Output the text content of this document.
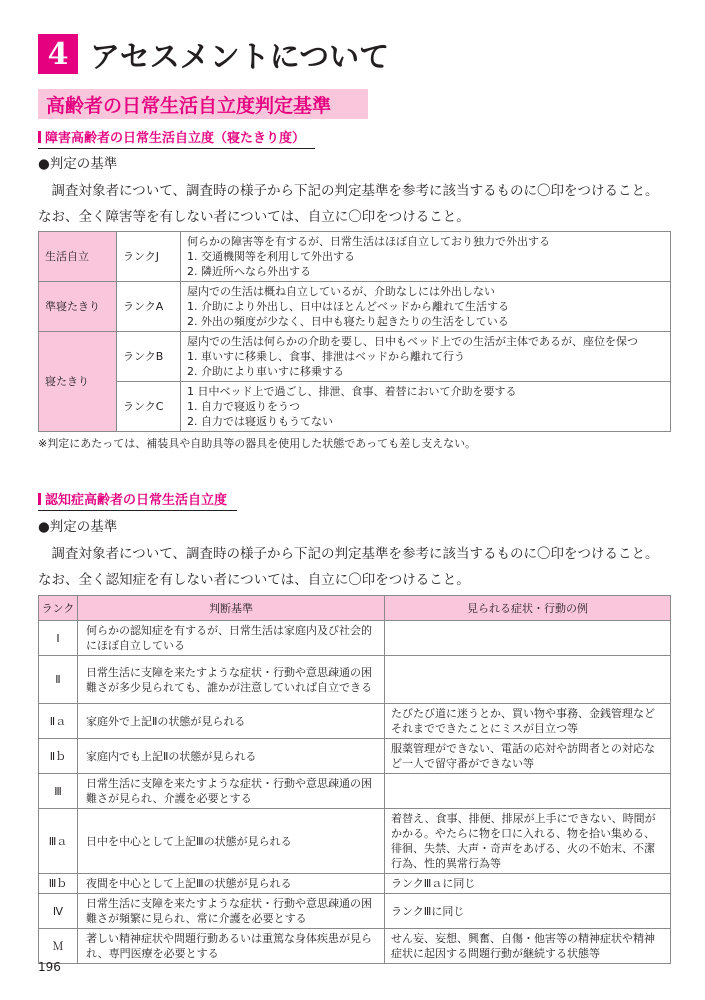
4 アセスメントについて
高齢者の日常生活自立度判定基準
障害高齢者の日常生活自立度（寝たきり度）
●判定の基準
　調査対象者について、調査時の様子から下記の判定基準を参考に該当するものに〇印をつけること。
なお、全く障害等を有しない者については、自立に〇印をつけること。
生活自立	ランクJ	何らかの障害等を有するが、日常生活はほぼ自立しており独力で外出する
1. 交通機関等を利用して外出する
2. 隣近所へなら外出する

準寝たきり	ランクA	屋内での生活は概ね自立しているが、介助なしには外出しない
1. 介助により外出し、日中はほとんどベッドから離れて生活する
2. 外出の頻度が少なく、日中も寝たり起きたりの生活をしている

寝たきり	ランクB	屋内での生活は何らかの介助を要し、日中もベッド上での生活が主体であるが、座位を保つ
1. 車いすに移乗し、食事、排泄はベッドから離れて行う
2. 介助により車いすに移乗する

	ランクC	1 日中ベッド上で過ごし、排泄、食事、着替において介助を要する
1. 自力で寝返りをうつ
2. 自力では寝返りもうてない
※判定にあたっては、補装具や自助具等の器具を使用した状態であっても差し支えない。
認知症高齢者の日常生活自立度
●判定の基準
　調査対象者について、調査時の様子から下記の判定基準を参考に該当するものに〇印をつけること。
なお、全く認知症を有しない者については、自立に〇印をつけること。
ランク	判断基準	見られる症状・行動の例
Ⅰ	何らかの認知症を有するが、日常生活は家庭内及び社会的にほぼ自立している	
Ⅱ	日常生活に支障を来たすような症状・行動や意思疎通の困難さが多少見られても、誰かが注意していれば自立できる	
Ⅱａ	家庭外で上記Ⅱの状態が見られる	たびたび道に迷うとか、買い物や事務、金銭管理などそれまでできたことにミスが目立つ等
Ⅱｂ	家庭内でも上記Ⅱの状態が見られる	服薬管理ができない、電話の応対や訪問者との対応など一人で留守番ができない等
Ⅲ	日常生活に支障を来たすような症状・行動や意思疎通の困難さが見られ、介護を必要とする	
Ⅲａ	日中を中心として上記Ⅲの状態が見られる	着替え、食事、排便、排尿が上手にできない、時間がかかる。やたらに物を口に入れる、物を拾い集める、徘徊、失禁、大声・奇声をあげる、火の不始末、不潔行為、性的異常行為等
Ⅲｂ	夜間を中心として上記Ⅲの状態が見られる	ランクⅢａに同じ
Ⅳ	日常生活に支障を来たすような症状・行動や意思疎通の困難さが頻繁に見られ、常に介護を必要とする	ランクⅢに同じ
Ｍ	著しい精神症状や問題行動あるいは重篤な身体疾患が見られ、専門医療を必要とする	せん妄、妄想、興奮、自傷・他害等の精神症状や精神症状に起因する問題行動が継続する状態等
196
